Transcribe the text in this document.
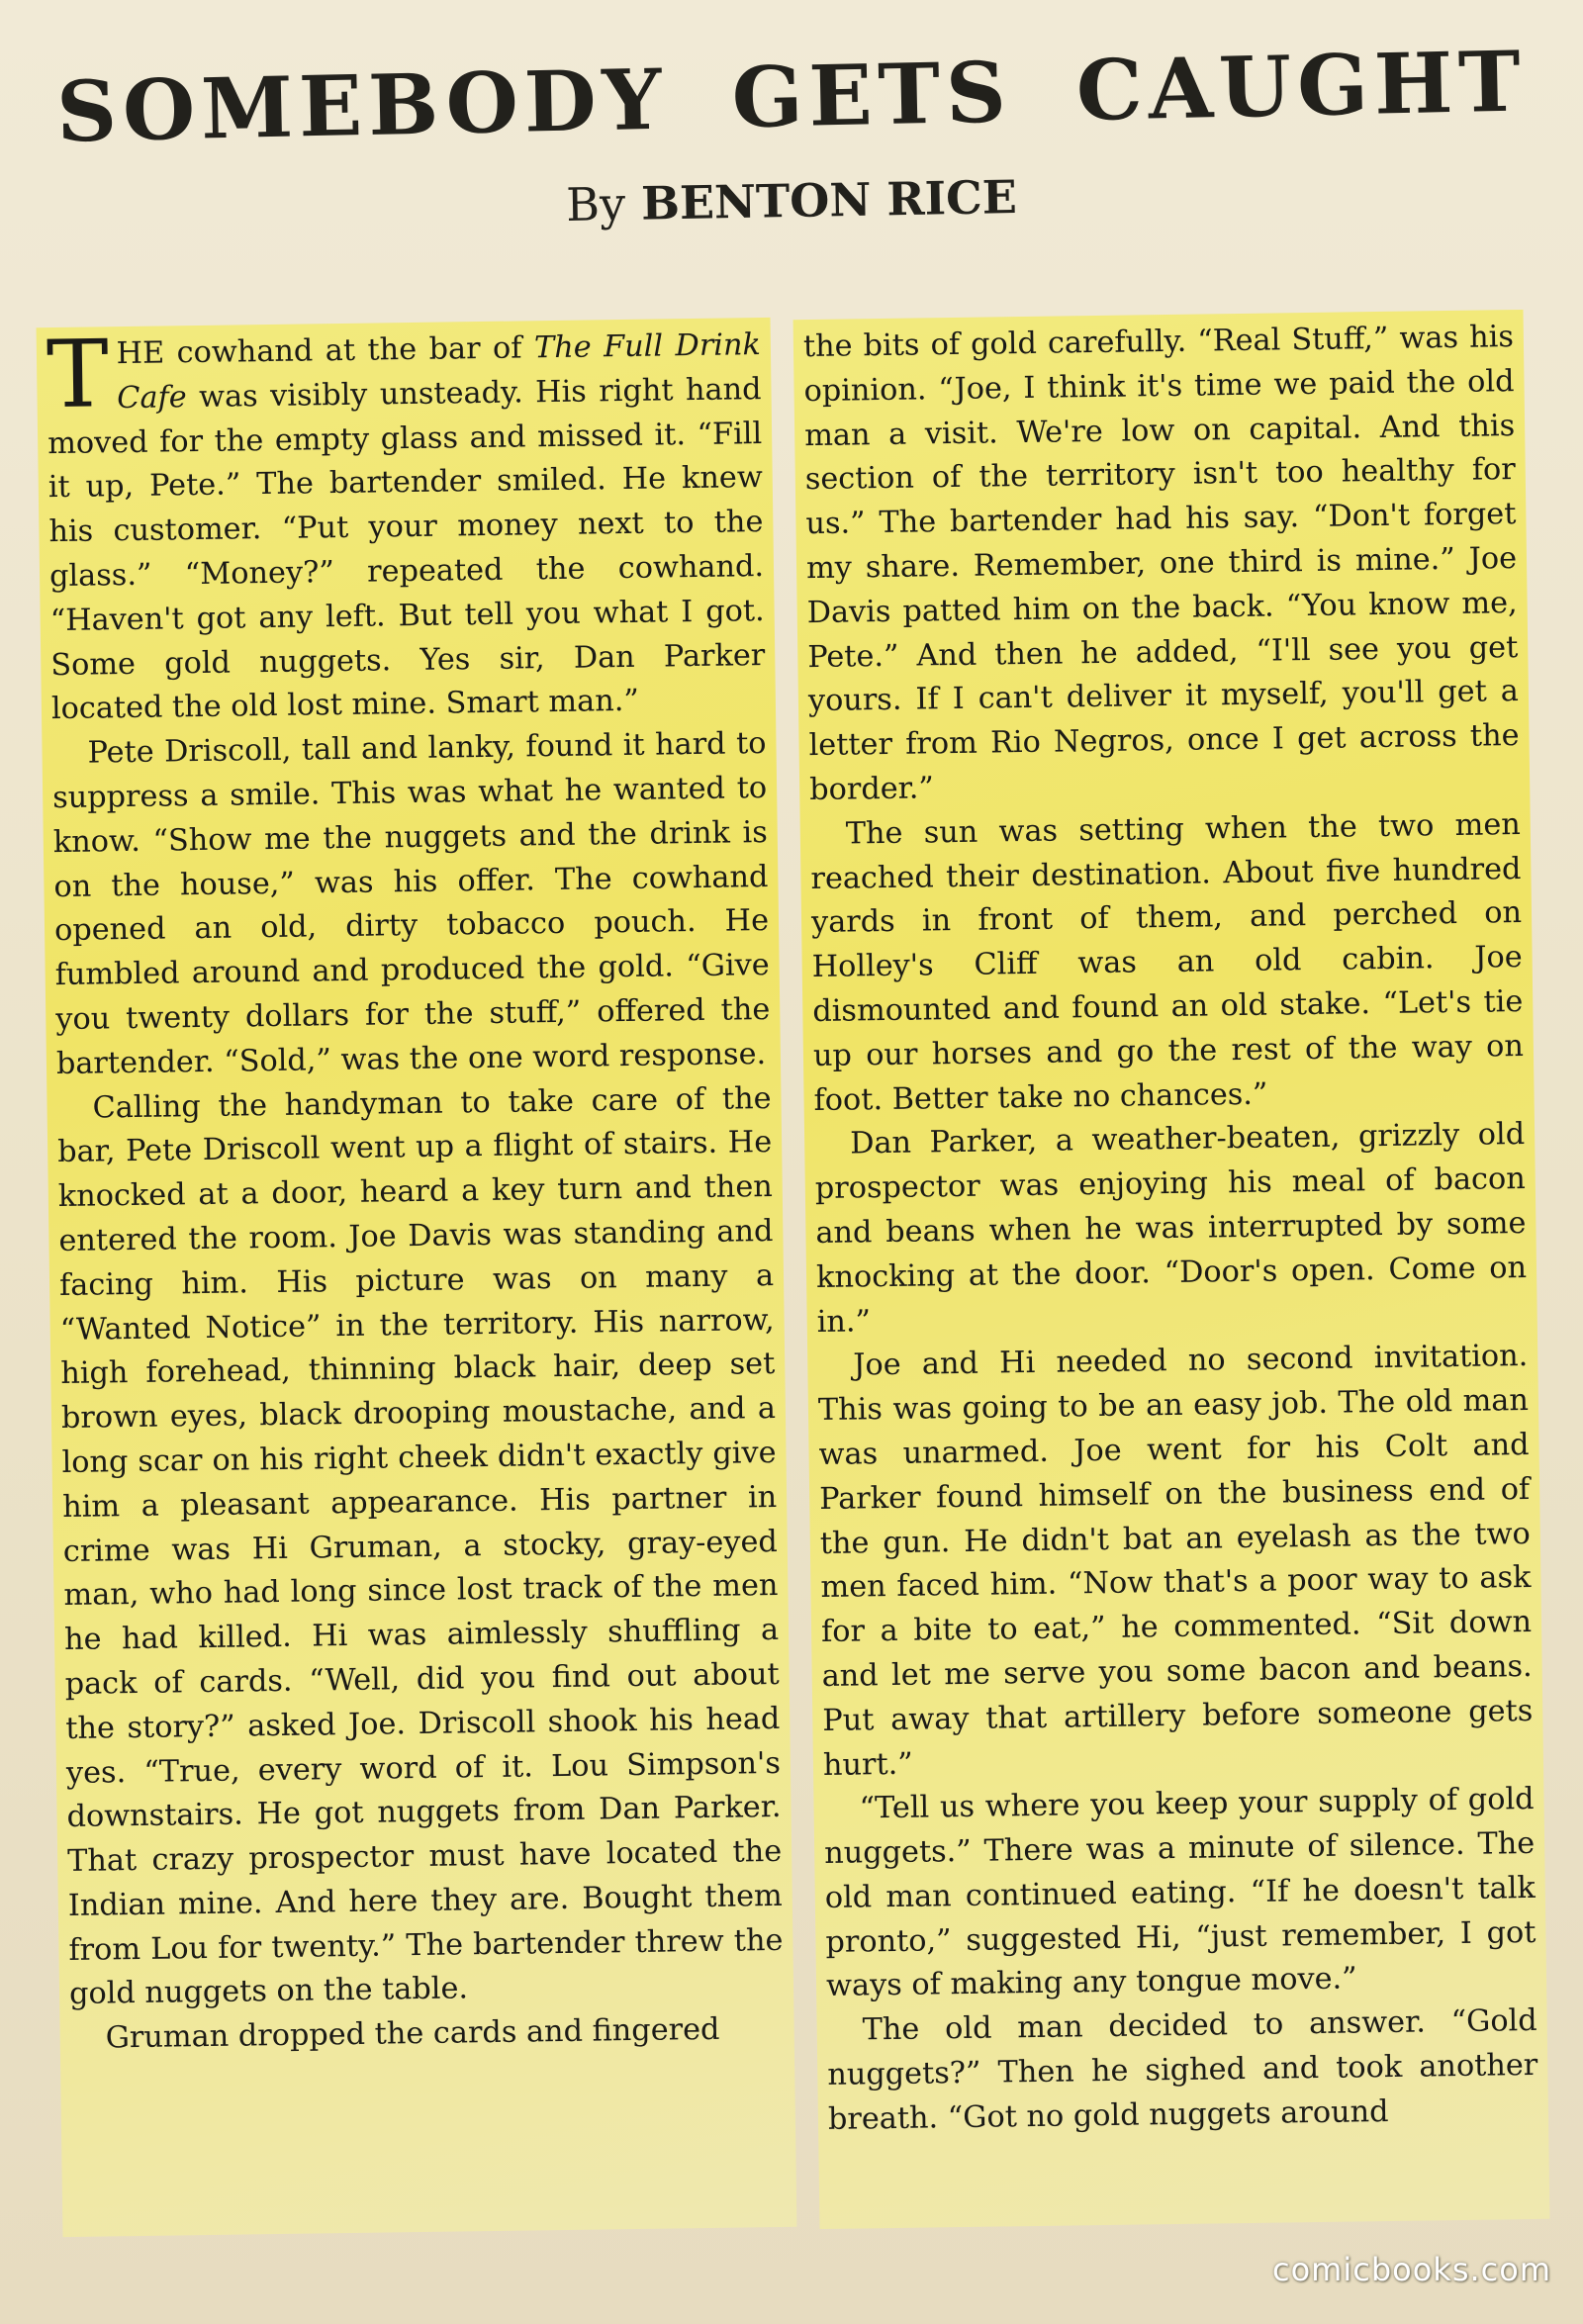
SOMEBODY GETS CAUGHT
By BENTON RICE

THE cowhand at the bar of The Full Drink Cafe was visibly unsteady. His right hand moved for the empty glass and missed it. “Fill it up, Pete.” The bartender smiled. He knew his customer. “Put your money next to the glass.” “Money?” repeated the cowhand. “Haven't got any left. But tell you what I got. Some gold nuggets. Yes sir, Dan Parker located the old lost mine. Smart man.”

Pete Driscoll, tall and lanky, found it hard to suppress a smile. This was what he wanted to know. “Show me the nuggets and the drink is on the house,” was his offer. The cowhand opened an old, dirty tobacco pouch. He fumbled around and produced the gold. “Give you twenty dollars for the stuff,” offered the bartender. “Sold,” was the one word response.

Calling the handyman to take care of the bar, Pete Driscoll went up a flight of stairs. He knocked at a door, heard a key turn and then entered the room. Joe Davis was standing and facing him. His picture was on many a “Wanted Notice” in the territory. His narrow, high forehead, thinning black hair, deep set brown eyes, black drooping moustache, and a long scar on his right cheek didn't exactly give him a pleasant appearance. His partner in crime was Hi Gruman, a stocky, gray-eyed man, who had long since lost track of the men he had killed. Hi was aimlessly shuffling a pack of cards. “Well, did you find out about the story?” asked Joe. Driscoll shook his head yes. “True, every word of it. Lou Simpson's downstairs. He got nuggets from Dan Parker. That crazy prospector must have located the Indian mine. And here they are. Bought them from Lou for twenty.” The bartender threw the gold nuggets on the table.

Gruman dropped the cards and fingered

the bits of gold carefully. “Real Stuff,” was his opinion. “Joe, I think it's time we paid the old man a visit. We're low on capital. And this section of the territory isn't too healthy for us.” The bartender had his say. “Don't forget my share. Remember, one third is mine.” Joe Davis patted him on the back. “You know me, Pete.” And then he added, “I'll see you get yours. If I can't deliver it myself, you'll get a letter from Rio Negros, once I get across the border.”

The sun was setting when the two men reached their destination. About five hundred yards in front of them, and perched on Holley's Cliff was an old cabin. Joe dismounted and found an old stake. “Let's tie up our horses and go the rest of the way on foot. Better take no chances.”

Dan Parker, a weather-beaten, grizzly old prospector was enjoying his meal of bacon and beans when he was interrupted by some knocking at the door. “Door's open. Come on in.”

Joe and Hi needed no second invitation. This was going to be an easy job. The old man was unarmed. Joe went for his Colt and Parker found himself on the business end of the gun. He didn't bat an eyelash as the two men faced him. “Now that's a poor way to ask for a bite to eat,” he commented. “Sit down and let me serve you some bacon and beans. Put away that artillery before someone gets hurt.”

“Tell us where you keep your supply of gold nuggets.” There was a minute of silence. The old man continued eating. “If he doesn't talk pronto,” suggested Hi, “just remember, I got ways of making any tongue move.”

The old man decided to answer. “Gold nuggets?” Then he sighed and took another breath. “Got no gold nuggets around

comicbooks.com
